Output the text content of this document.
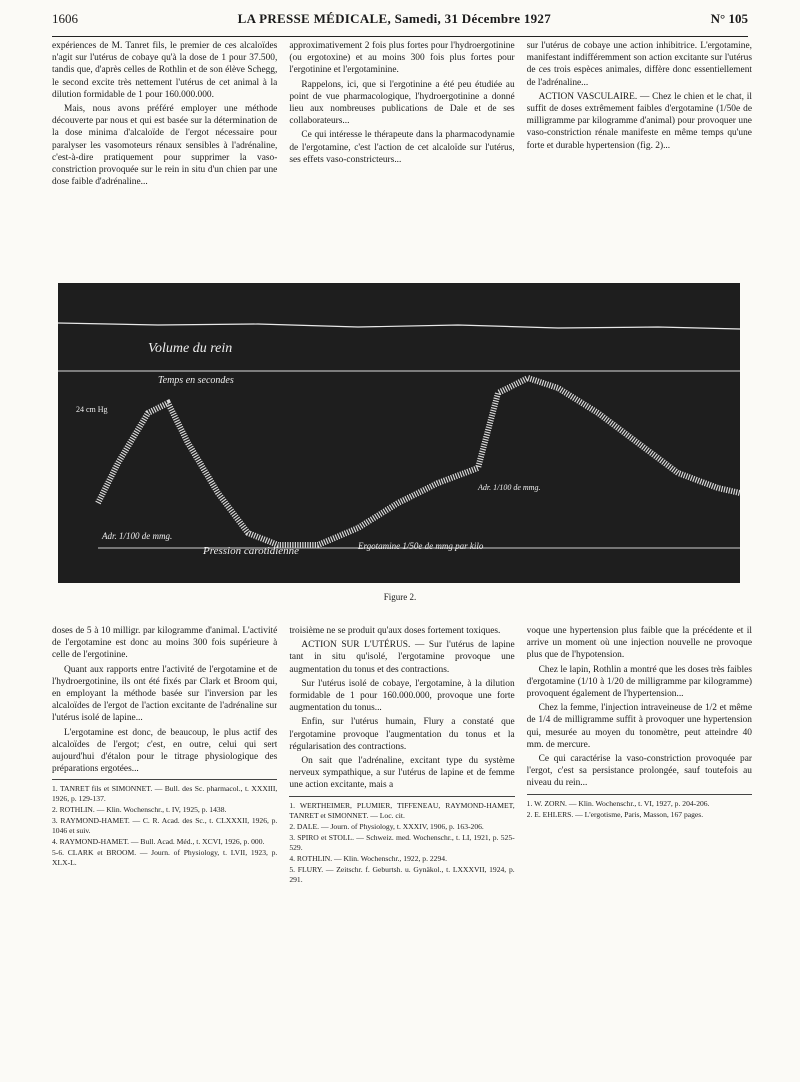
1606	LA PRESSE MÉDICALE, Samedi, 31 Décembre 1927	N° 105

expériences de M. Tanret fils, le premier de ces alcaloïdes n'agit sur l'utérus de cobaye qu'à la dose de 1 pour 37.500, tandis que, d'après celles de Rothlin et de son élève Schegg, le second excite très nettement l'utérus de cet animal à la dilution formidable de 1 pour 160.000.000.

Mais, nous avons préféré employer une méthode découverte par nous et qui est basée sur la détermination de la dose minima d'alcaloïde de l'ergot nécessaire pour paralyser les vasomoteurs rénaux sensibles à l'adrénaline, c'est-à-dire pratiquement pour supprimer la vaso-constriction provoquée sur le rein in situ d'un chien par une dose faible d'adrénaline...

approximativement 2 fois plus fortes pour l'hydroergotinine (ou ergotoxine) et au moins 300 fois plus fortes pour l'ergotinine et l'ergotaminine.

Rappelons, ici, que si l'ergotinine a été peu étudiée au point de vue pharmacologique, l'hydroergotinine a donné lieu aux nombreuses publications de Dale et de ses collaborateurs...

Ce qui intéresse le thérapeute dans la pharmacodynamie de l'ergotamine, c'est l'action de cet alcaloïde sur l'utérus, ses effets vaso-constricteurs...

sur l'utérus de cobaye une action inhibitrice. L'ergotamine, manifestant indifféremment son action excitante sur l'utérus de ces trois espèces animales, diffère donc essentiellement de l'adrénaline...

ACTION VASCULAIRE. — Chez le chien et le chat, il suffit de doses extrêmement faibles d'ergotamine (1/50e de milligramme par kilogramme d'animal) pour provoquer une vaso-constriction rénale manifeste en même temps qu'une forte et durable hypertension (fig. 2)...

Volume du rein
Temps en secondes
24 cm Hg
Adr. 1/100 de mmg.
Pression carotidienne	Ergotamine 1/50e de mmg par kilo
Adr. 1/100 de mmg.
Figure 2.

doses de 5 à 10 milligr. par kilogramme d'animal. L'activité de l'ergotamine est donc au moins 300 fois supérieure à celle de l'ergotinine.

Quant aux rapports entre l'activité de l'ergotamine et de l'hydroergotinine, ils ont été fixés par Clark et Broom qui, en employant la méthode basée sur l'inversion par les alcaloïdes de l'ergot de l'action excitante de l'adrénaline sur l'utérus isolé de lapine...

L'ergotamine est donc, de beaucoup, le plus actif des alcaloïdes de l'ergot; c'est, en outre, celui qui sert aujourd'hui d'étalon pour le titrage physiologique des préparations ergotées...

1. TANRET fils et SIMONNET. — Bull. des Sc. pharmacol., t. XXXIII, 1926, p. 129-137.
2. ROTHLIN. — Klin. Wochenschr., t. IV, 1925, p. 1438.
3. RAYMOND-HAMET. — C. R. Acad. des Sc., t. CLXXXII, 1926, p. 1046 et suiv.
4. RAYMOND-HAMET. — Bull. Acad. Méd., t. XCVI, 1926, p. 000.
5-6. CLARK et BROOM. — Journ. of Physiology, t. LVII, 1923, p. XLX-L.

troisième ne se produit qu'aux doses fortement toxiques.

ACTION SUR L'UTÉRUS. — Sur l'utérus de lapine tant in situ qu'isolé, l'ergotamine provoque une augmentation du tonus et des contractions.

Sur l'utérus isolé de cobaye, l'ergotamine, à la dilution formidable de 1 pour 160.000.000, provoque une forte augmentation du tonus...

Enfin, sur l'utérus humain, Flury a constaté que l'ergotamine provoque l'augmentation du tonus et la régularisation des contractions.

On sait que l'adrénaline, excitant type du système nerveux sympathique, a sur l'utérus de lapine et de femme une action excitante, mais a

1. WERTHEIMER, PLUMIER, TIFFENEAU, RAYMOND-HAMET, TANRET et SIMONNET. — Loc. cit.
2. DALE. — Journ. of Physiology, t. XXXIV, 1906, p. 163-206.
3. SPIRO et STOLL. — Schweiz. med. Wochenschr., t. LI, 1921, p. 525-529.
4. ROTHLIN. — Klin. Wochenschr., 1922, p. 2294.
5. FLURY. — Zeitschr. f. Geburtsh. u. Gynäkol., t. LXXXVII, 1924, p. 291.

voque une hypertension plus faible que la précédente et il arrive un moment où une injection nouvelle ne provoque plus que de l'hypotension.

Chez le lapin, Rothlin a montré que les doses très faibles d'ergotamine (1/10 à 1/20 de milligramme par kilogramme) provoquent également de l'hypertension...

Chez la femme, l'injection intraveineuse de 1/2 et même de 1/4 de milligramme suffit à provoquer une hypertension qui, mesurée au moyen du tonomètre, peut atteindre 40 mm. de mercure.

Ce qui caractérise la vaso-constriction provoquée par l'ergot, c'est sa persistance prolongée, sauf toutefois au niveau du rein...

1. W. ZORN. — Klin. Wochenschr., t. VI, 1927, p. 204-206.
2. E. EHLERS. — L'ergotisme, Paris, Masson, 167 pages.
